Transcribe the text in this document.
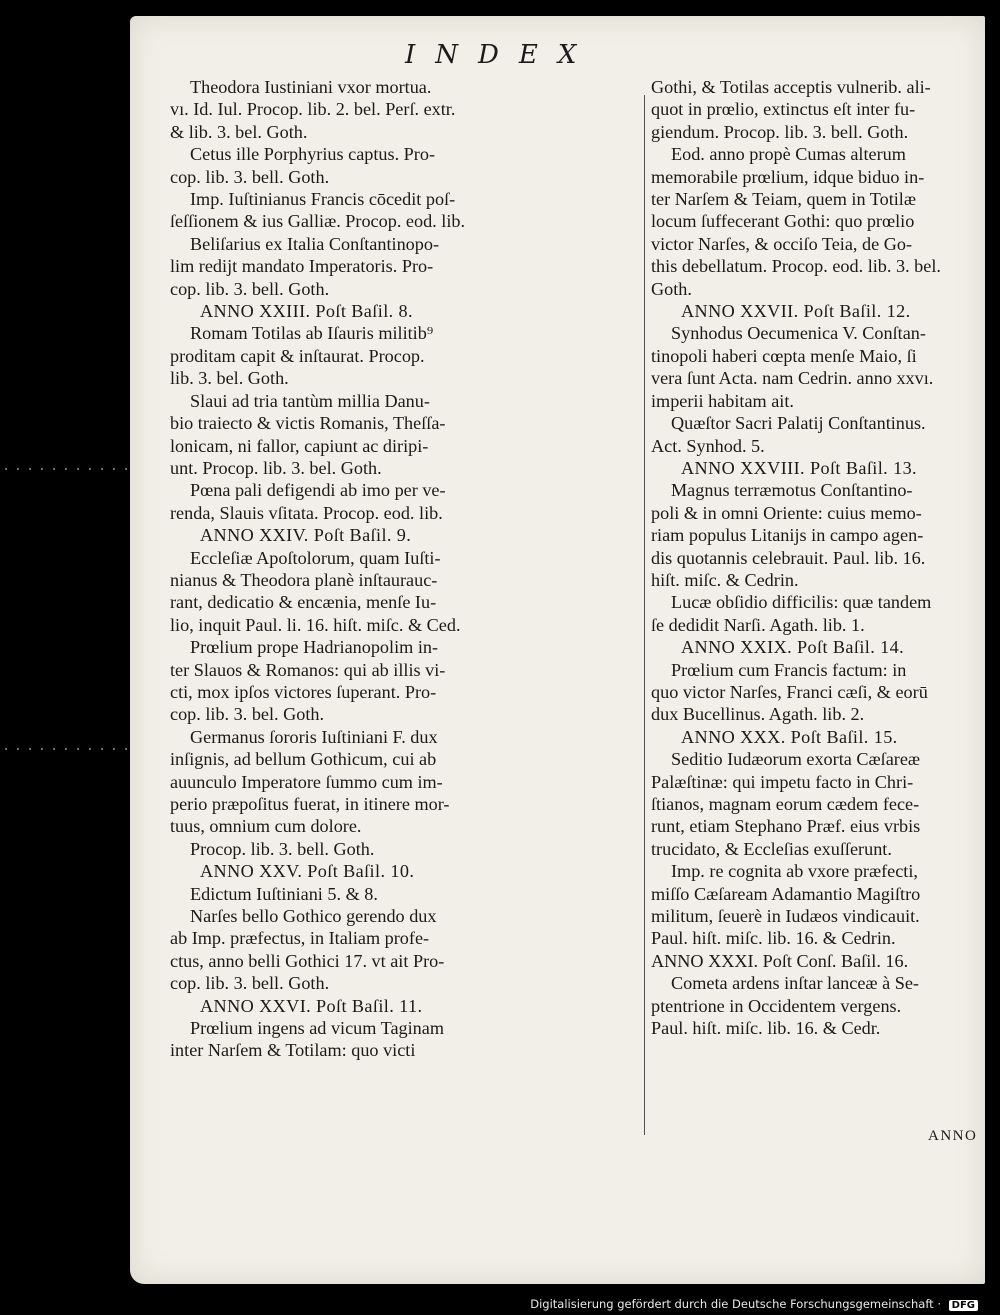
INDEX
Theodora Iustiniani vxor mortua.
vı. Id. Iul. Procop. lib. 2. bel. Perſ. extr.
& lib. 3. bel. Goth.
Cetus ille Porphyrius captus. Pro-
cop. lib. 3. bell. Goth.
Imp. Iuſtinianus Francis cōcedit poſ-
ſeſſionem & ius Galliæ. Procop. eod. lib.
Beliſarius ex Italia Conſtantinopo-
lim redijt mandato Imperatoris. Pro-
cop. lib. 3. bell. Goth.
ANNO XXIII. Poſt Baſil. 8.
Romam Totilas ab Iſauris militib⁹
proditam capit & inſtaurat. Procop.
lib. 3. bel. Goth.
Slaui ad tria tantùm millia Danu-
bio traiecto & victis Romanis, Theſſa-
lonicam, ni fallor, capiunt ac diripi-
unt. Procop. lib. 3. bel. Goth.
Pœna pali defigendi ab imo per ve-
renda, Slauis vſitata. Procop. eod. lib.
ANNO XXIV. Poſt Baſil. 9.
Eccleſiæ Apoſtolorum, quam Iuſti-
nianus & Theodora planè inſtaurauc-
rant, dedicatio & encænia, menſe Iu-
lio, inquit Paul. li. 16. hiſt. miſc. & Ced.
Prœlium prope Hadrianopolim in-
ter Slauos & Romanos: qui ab illis vi-
cti, mox ipſos victores ſuperant. Pro-
cop. lib. 3. bel. Goth.
Germanus ſororis Iuſtiniani F. dux
inſignis, ad bellum Gothicum, cui ab
auunculo Imperatore ſummo cum im-
perio præpoſitus fuerat, in itinere mor-
tuus, omnium cum dolore.
Procop. lib. 3. bell. Goth.
ANNO XXV. Poſt Baſil. 10.
Edictum Iuſtiniani 5. & 8.
Narſes bello Gothico gerendo dux
ab Imp. præfectus, in Italiam profe-
ctus, anno belli Gothici 17. vt ait Pro-
cop. lib. 3. bell. Goth.
ANNO XXVI. Poſt Baſil. 11.
Prœlium ingens ad vicum Taginam
inter Narſem & Totilam: quo victi
Gothi, & Totilas acceptis vulnerib. ali-
quot in prœlio, extinctus eſt inter fu-
giendum. Procop. lib. 3. bell. Goth.
Eod. anno propè Cumas alterum
memorabile prœlium, idque biduo in-
ter Narſem & Teiam, quem in Totilæ
locum ſuffecerant Gothi: quo prœlio
victor Narſes, & occiſo Teia, de Go-
this debellatum. Procop. eod. lib. 3. bel.
Goth.
ANNO XXVII. Poſt Baſil. 12.
Synhodus Oecumenica V. Conſtan-
tinopoli haberi cœpta menſe Maio, ſi
vera ſunt Acta. nam Cedrin. anno xxvı.
imperii habitam ait.
Quæſtor Sacri Palatij Conſtantinus.
Act. Synhod. 5.
ANNO XXVIII. Poſt Baſil. 13.
Magnus terræmotus Conſtantino-
poli & in omni Oriente: cuius memo-
riam populus Litanijs in campo agen-
dis quotannis celebrauit. Paul. lib. 16.
hiſt. miſc. & Cedrin.
Lucæ obſidio difficilis: quæ tandem
ſe dedidit Narſi. Agath. lib. 1.
ANNO XXIX. Poſt Baſil. 14.
Prœlium cum Francis factum: in
quo victor Narſes, Franci cæſi, & eorū
dux Bucellinus. Agath. lib. 2.
ANNO XXX. Poſt Baſil. 15.
Seditio Iudæorum exorta Cæſareæ
Palæſtinæ: qui impetu facto in Chri-
ſtianos, magnam eorum cædem fece-
runt, etiam Stephano Præf. eius vrbis
trucidato, & Eccleſias exuſſerunt.
Imp. re cognita ab vxore præfecti,
miſſo Cæſaream Adamantio Magiſtro
militum, ſeuerè in Iudæos vindicauit.
Paul. hiſt. miſc. lib. 16. & Cedrin.
ANNO XXXI. Poſt Conſ. Baſil. 16.
Cometa ardens inſtar lanceæ à Se-
ptentrione in Occidentem vergens.
Paul. hiſt. miſc. lib. 16. & Cedr.
ANNO
Digitalisierung gefördert durch die Deutsche Forschungsgemeinschaft · DFG
